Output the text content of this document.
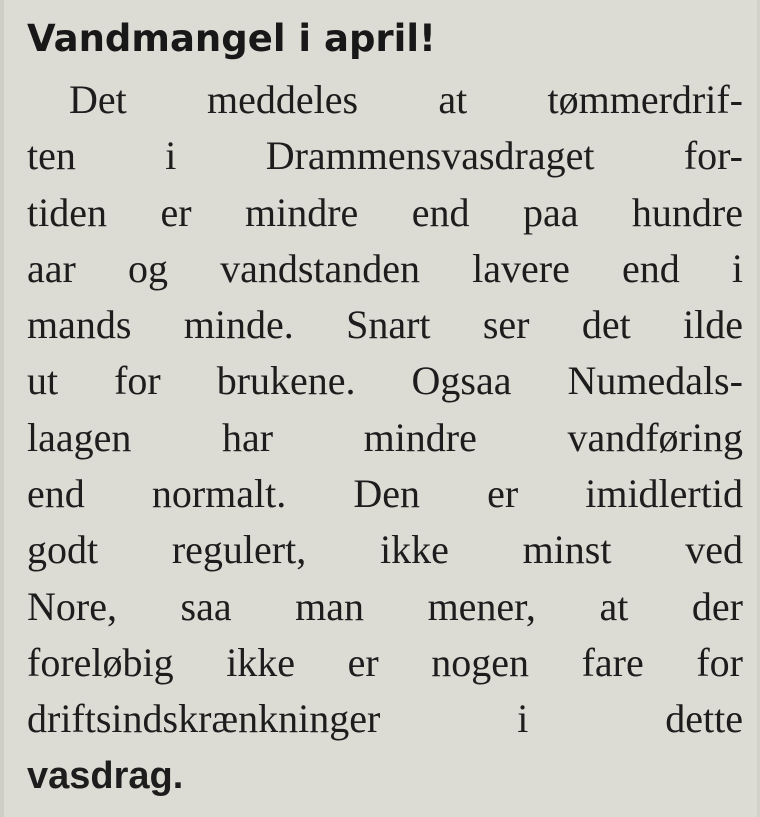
Vandmangel i april!
Det meddeles at tømmerdrif-
ten i Drammensvasdraget for-
tiden er mindre end paa hundre
aar og vandstanden lavere end i
mands minde. Snart ser det ilde
ut for brukene. Ogsaa Numedals-
laagen har mindre vandføring
end normalt. Den er imidlertid
godt regulert, ikke minst ved
Nore, saa man mener, at der
foreløbig ikke er nogen fare for
driftsindskrænkninger	i	dette
vasdrag.
